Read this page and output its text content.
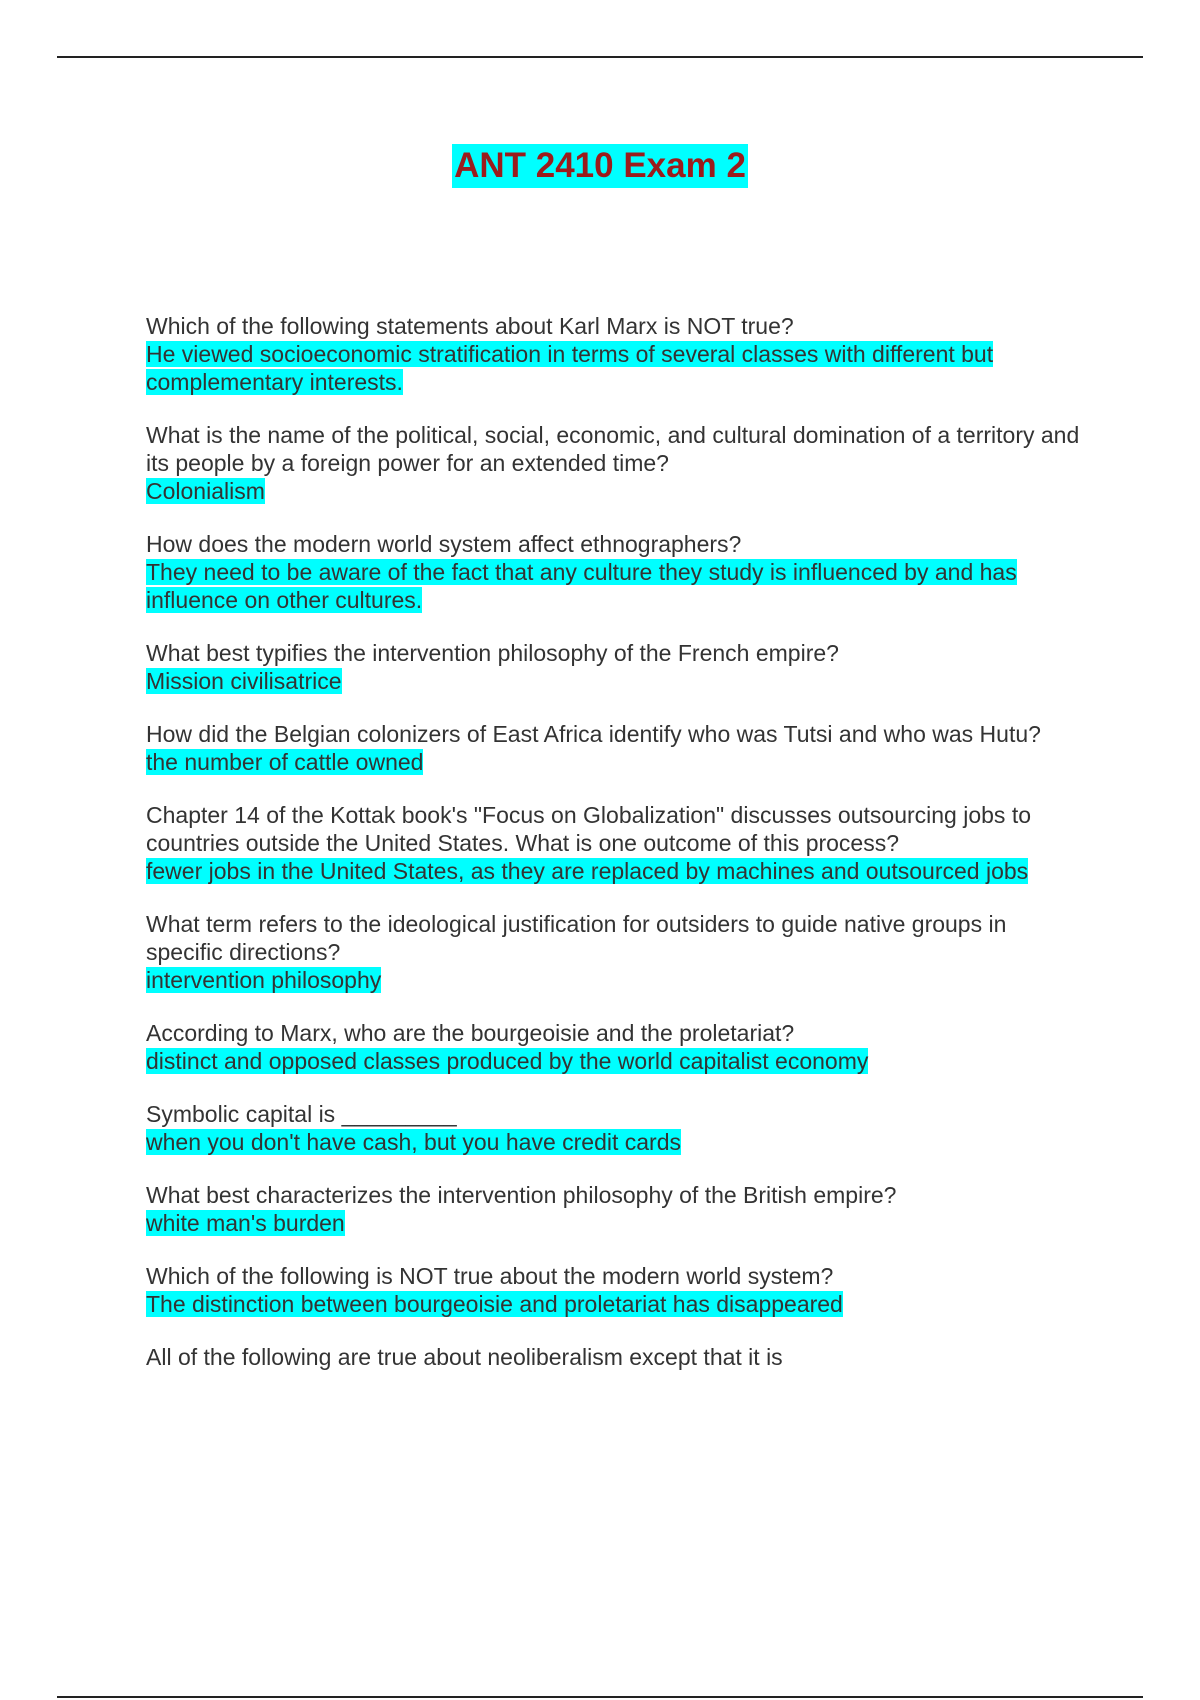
ANT 2410 Exam 2
Which of the following statements about Karl Marx is NOT true?
He viewed socioeconomic stratification in terms of several classes with different but complementary interests.
What is the name of the political, social, economic, and cultural domination of a territory and its people by a foreign power for an extended time?
Colonialism
How does the modern world system affect ethnographers?
They need to be aware of the fact that any culture they study is influenced by and has influence on other cultures.
What best typifies the intervention philosophy of the French empire?
Mission civilisatrice
How did the Belgian colonizers of East Africa identify who was Tutsi and who was Hutu?
the number of cattle owned
Chapter 14 of the Kottak book's "Focus on Globalization" discusses outsourcing jobs to countries outside the United States. What is one outcome of this process?
fewer jobs in the United States, as they are replaced by machines and outsourced jobs
What term refers to the ideological justification for outsiders to guide native groups in specific directions?
intervention philosophy
According to Marx, who are the bourgeoisie and the proletariat?
distinct and opposed classes produced by the world capitalist economy
Symbolic capital is _________
when you don't have cash, but you have credit cards
What best characterizes the intervention philosophy of the British empire?
white man's burden
Which of the following is NOT true about the modern world system?
The distinction between bourgeoisie and proletariat has disappeared
All of the following are true about neoliberalism except that it is
